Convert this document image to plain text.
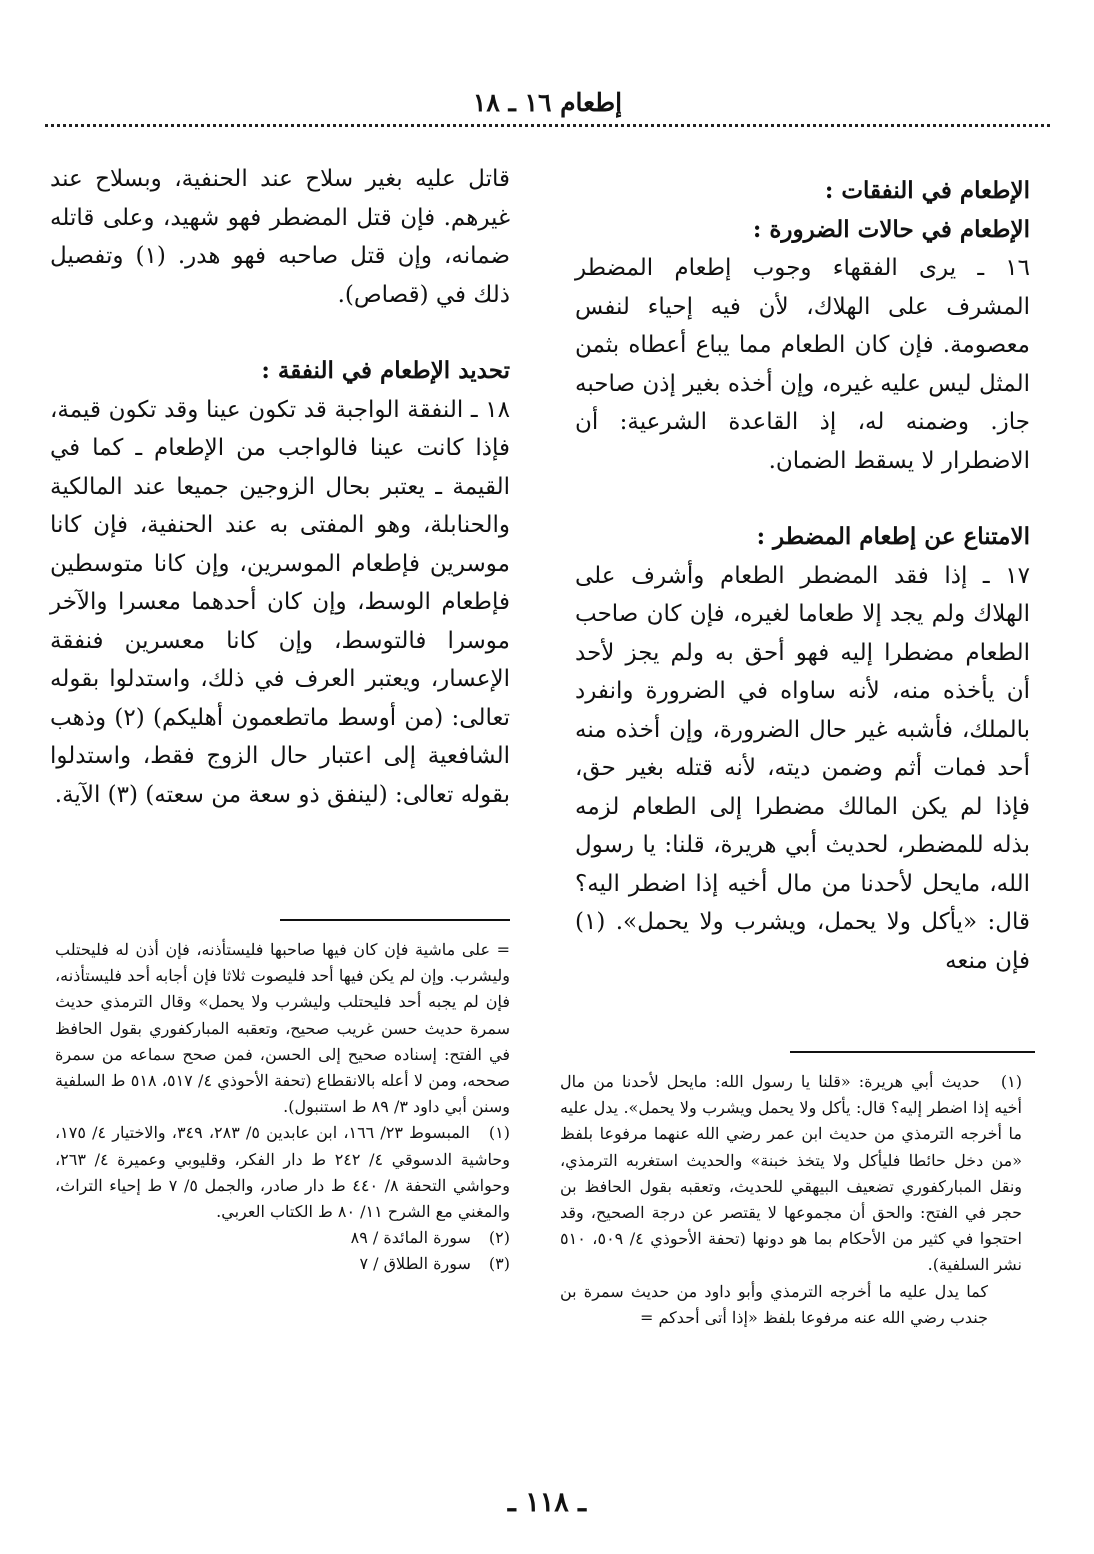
إطعام ١٦ ـ ١٨

الإطعام في النفقات :

الإطعام في حالات الضرورة :

١٦ ـ يرى الفقهاء وجوب إطعام المضطر المشرف على الهلاك، لأن فيه إحياء لنفس معصومة. فإن كان الطعام مما يباع أعطاه بثمن المثل ليس عليه غيره، وإن أخذه بغير إذن صاحبه جاز. وضمنه له، إذ القاعدة الشرعية: أن الاضطرار لا يسقط الضمان.

الامتناع عن إطعام المضطر :

١٧ ـ إذا فقد المضطر الطعام وأشرف على الهلاك ولم يجد إلا طعاما لغيره، فإن كان صاحب الطعام مضطرا إليه فهو أحق به ولم يجز لأحد أن يأخذه منه، لأنه ساواه في الضرورة وانفرد بالملك، فأشبه غير حال الضرورة، وإن أخذه منه أحد فمات أثم وضمن ديته، لأنه قتله بغير حق، فإذا لم يكن المالك مضطرا إلى الطعام لزمه بذله للمضطر، لحديث أبي هريرة، قلنا: يا رسول الله، مايحل لأحدنا من مال أخيه إذا اضطر اليه؟ قال: «يأكل ولا يحمل، ويشرب ولا يحمل». (١) فإن منعه

قاتل عليه بغير سلاح عند الحنفية، وبسلاح عند غيرهم. فإن قتل المضطر فهو شهيد، وعلى قاتله ضمانه، وإن قتل صاحبه فهو هدر. (١) وتفصيل ذلك في (قصاص).

تحديد الإطعام في النفقة :

١٨ ـ النفقة الواجبة قد تكون عينا وقد تكون قيمة، فإذا كانت عينا فالواجب من الإطعام ـ كما في القيمة ـ يعتبر بحال الزوجين جميعا عند المالكية والحنابلة، وهو المفتى به عند الحنفية، فإن كانا موسرين فإطعام الموسرين، وإن كانا متوسطين فإطعام الوسط، وإن كان أحدهما معسرا والآخر موسرا فالتوسط، وإن كانا معسرين فنفقة الإعسار، ويعتبر العرف في ذلك، واستدلوا بقوله تعالى: (من أوسط ماتطعمون أهليكم) (٢) وذهب الشافعية إلى اعتبار حال الزوج فقط، واستدلوا بقوله تعالى: (لينفق ذو سعة من سعته) (٣) الآية.

(١) حديث أبي هريرة: «قلنا يا رسول الله: مايحل لأحدنا من مال أخيه إذا اضطر إليه؟ قال: يأكل ولا يحمل ويشرب ولا يحمل». يدل عليه ما أخرجه الترمذي من حديث ابن عمر رضي الله عنهما مرفوعا بلفظ «من دخل حائطا فليأكل ولا يتخذ خبنة» والحديث استغربه الترمذي، ونقل المباركفوري تضعيف البيهقي للحديث، وتعقبه بقول الحافظ بن حجر في الفتح: والحق أن مجموعها لا يقتصر عن درجة الصحيح، وقد احتجوا في كثير من الأحكام بما هو دونها (تحفة الأحوذي ٤/ ٥٠٩، ٥١٠ نشر السلفية).

كما يدل عليه ما أخرجه الترمذي وأبو داود من حديث سمرة بن جندب رضي الله عنه مرفوعا بلفظ «إذا أتى أحدكم =

= على ماشية فإن كان فيها صاحبها فليستأذنه، فإن أذن له فليحتلب وليشرب. وإن لم يكن فيها أحد فليصوت ثلاثا فإن أجابه أحد فليستأذنه، فإن لم يجبه أحد فليحتلب وليشرب ولا يحمل» وقال الترمذي حديث سمرة حديث حسن غريب صحيح، وتعقبه المباركفوري بقول الحافظ في الفتح: إسناده صحيح إلى الحسن، فمن صحح سماعه من سمرة صححه، ومن لا أعله بالانقطاع (تحفة الأحوذي ٤/ ٥١٧، ٥١٨ ط السلفية وسنن أبي داود ٣/ ٨٩ ط استنبول).

(١) المبسوط ٢٣/ ١٦٦، ابن عابدين ٥/ ٢٨٣، ٣٤٩، والاختيار ٤/ ١٧٥، وحاشية الدسوقي ٤/ ٢٤٢ ط دار الفكر، وقليوبي وعميرة ٤/ ٢٦٣، وحواشي التحفة ٨/ ٤٤٠ ط دار صادر، والجمل ٥/ ٧ ط إحياء التراث، والمغني مع الشرح ١١/ ٨٠ ط الكتاب العربي.

(٢) سورة المائدة / ٨٩

(٣) سورة الطلاق / ٧

ـ ١١٨ ـ
